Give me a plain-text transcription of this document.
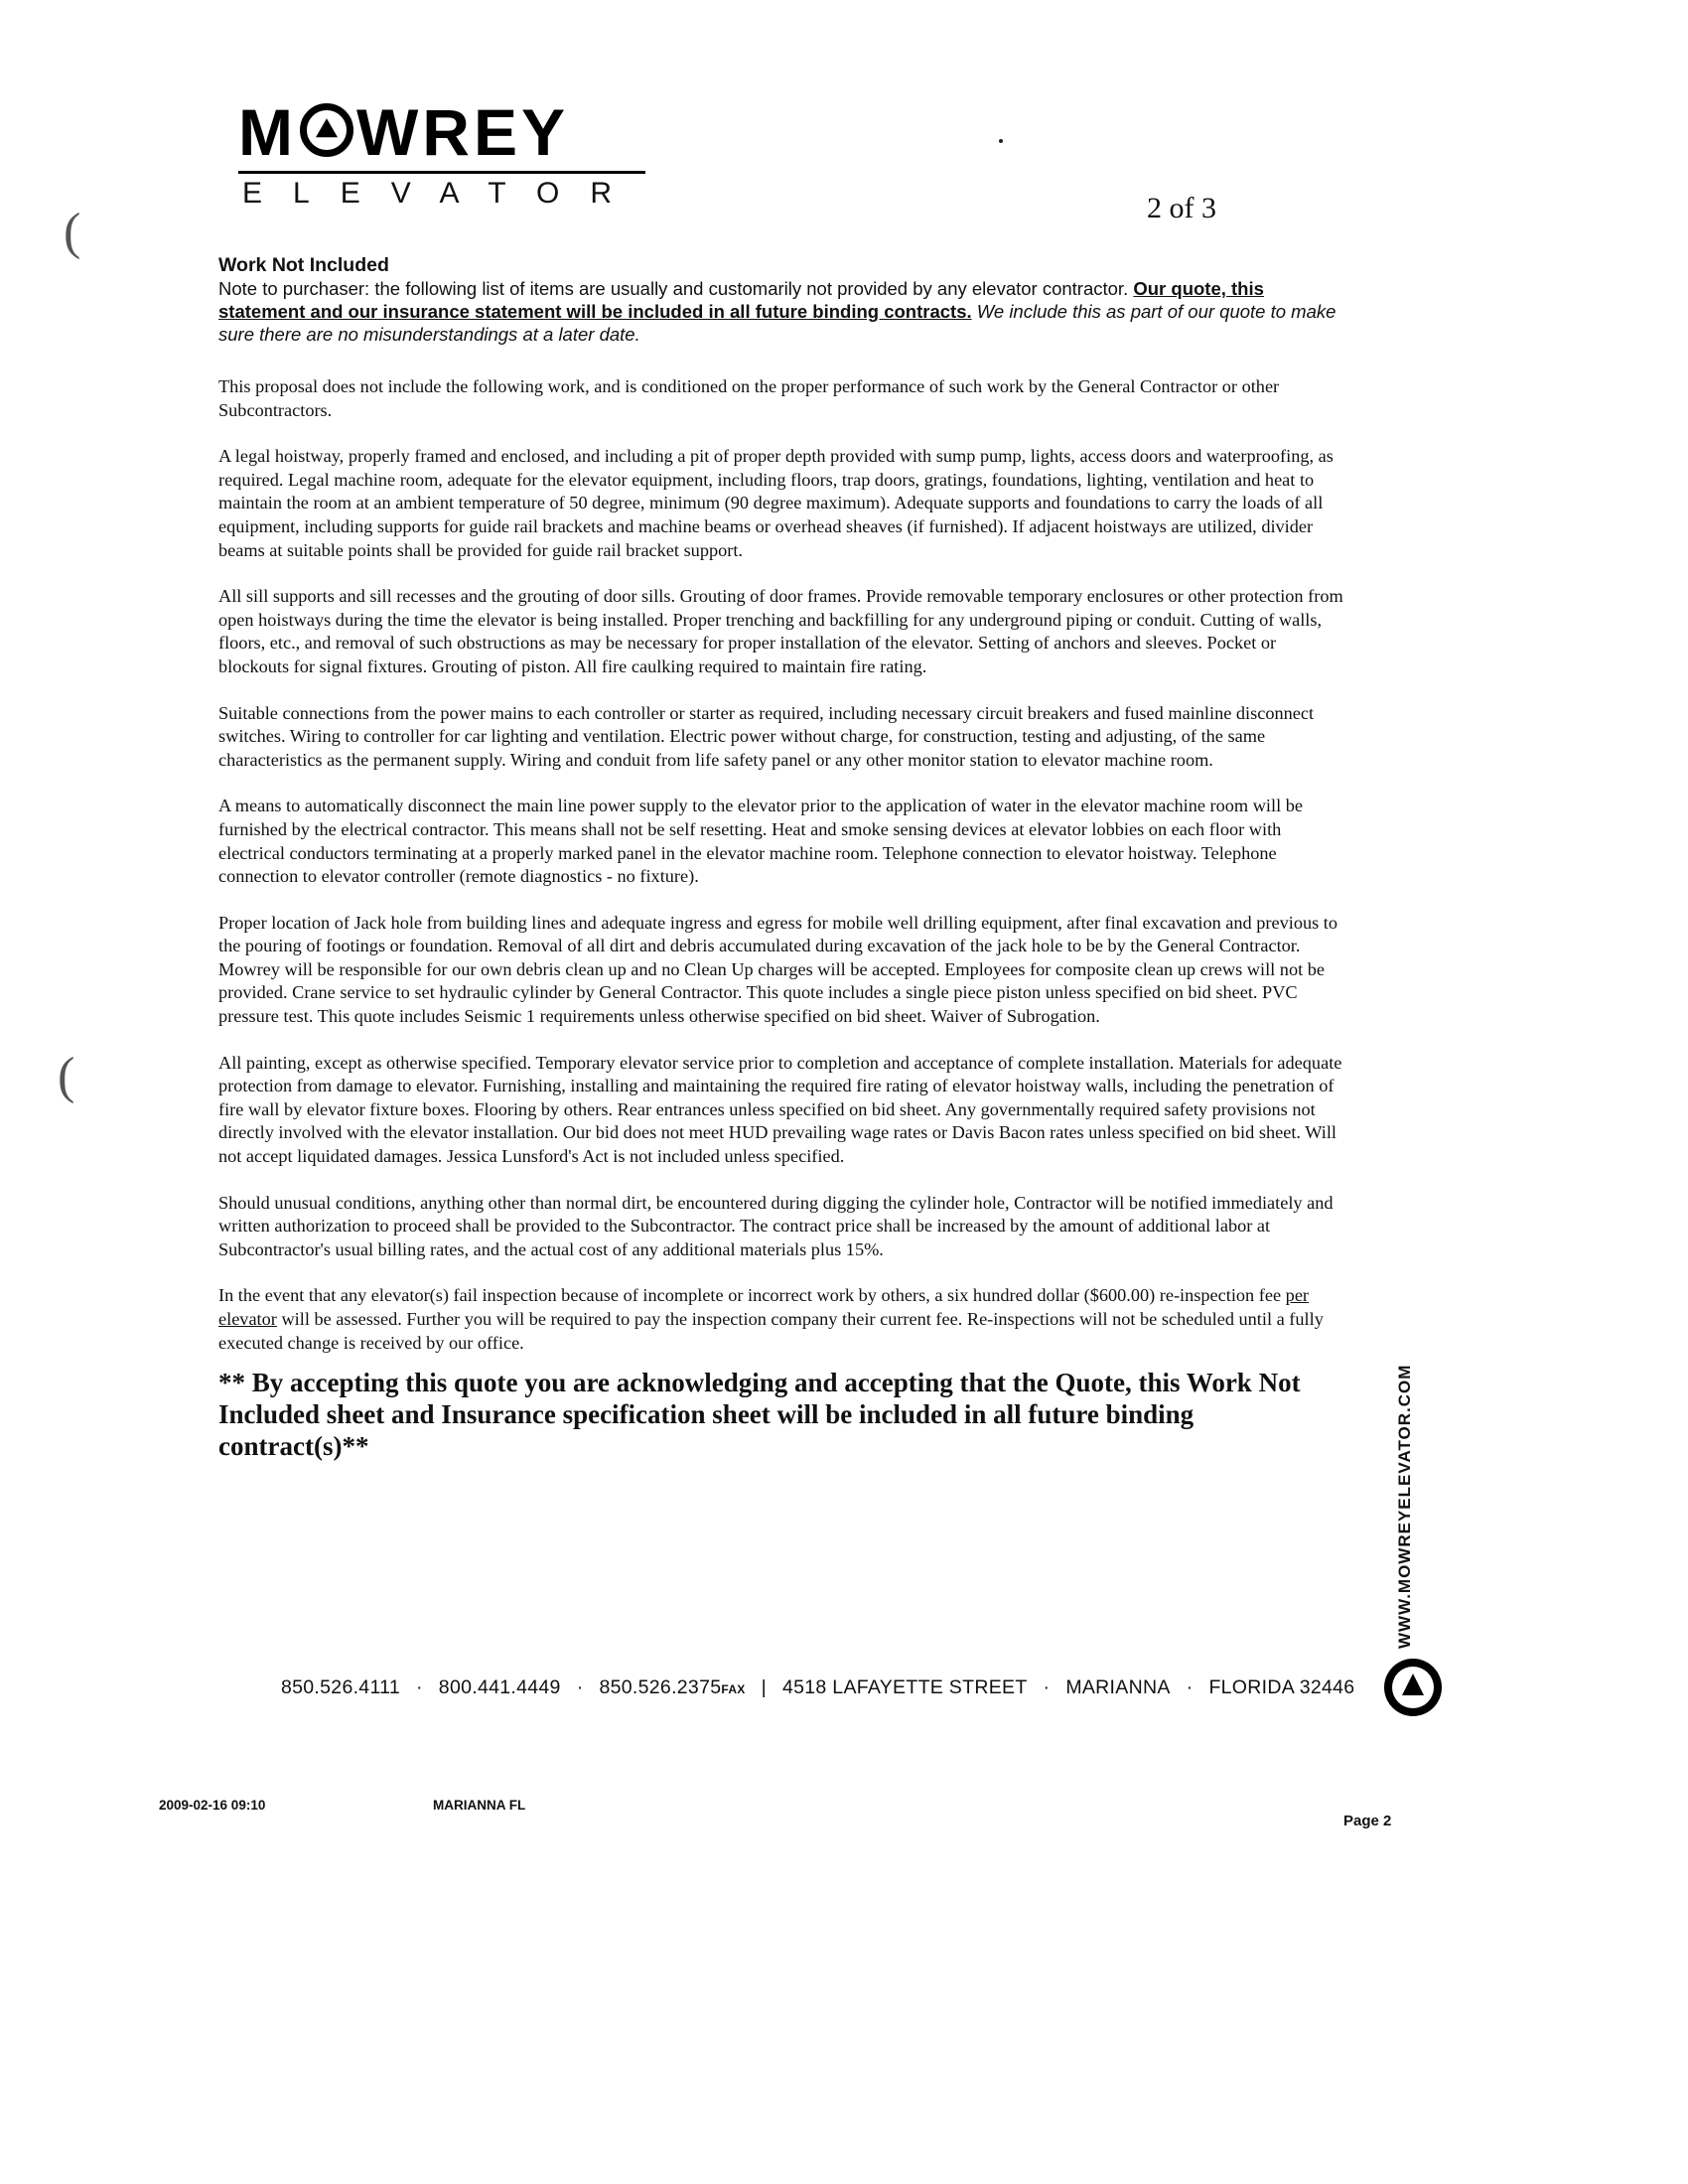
M WREY
ELEVATOR	2 of 3
(
(
Work Not Included

Note to purchaser: the following list of items are usually and customarily not provided by any elevator contractor. Our quote, this statement and our insurance statement will be included in all future binding contracts. We include this as part of our quote to make sure there are no misunderstandings at a later date.

This proposal does not include the following work, and is conditioned on the proper performance of such work by the General Contractor or other Subcontractors.

A legal hoistway, properly framed and enclosed, and including a pit of proper depth provided with sump pump, lights, access doors and waterproofing, as required. Legal machine room, adequate for the elevator equipment, including floors, trap doors, gratings, foundations, lighting, ventilation and heat to maintain the room at an ambient temperature of 50 degree, minimum (90 degree maximum). Adequate supports and foundations to carry the loads of all equipment, including supports for guide rail brackets and machine beams or overhead sheaves (if furnished). If adjacent hoistways are utilized, divider beams at suitable points shall be provided for guide rail bracket support.

All sill supports and sill recesses and the grouting of door sills. Grouting of door frames. Provide removable temporary enclosures or other protection from open hoistways during the time the elevator is being installed. Proper trenching and backfilling for any underground piping or conduit. Cutting of walls, floors, etc., and removal of such obstructions as may be necessary for proper installation of the elevator. Setting of anchors and sleeves. Pocket or blockouts for signal fixtures. Grouting of piston. All fire caulking required to maintain fire rating.

Suitable connections from the power mains to each controller or starter as required, including necessary circuit breakers and fused mainline disconnect switches. Wiring to controller for car lighting and ventilation. Electric power without charge, for construction, testing and adjusting, of the same characteristics as the permanent supply. Wiring and conduit from life safety panel or any other monitor station to elevator machine room.

A means to automatically disconnect the main line power supply to the elevator prior to the application of water in the elevator machine room will be furnished by the electrical contractor. This means shall not be self resetting. Heat and smoke sensing devices at elevator lobbies on each floor with electrical conductors terminating at a properly marked panel in the elevator machine room. Telephone connection to elevator hoistway. Telephone connection to elevator controller (remote diagnostics - no fixture).

Proper location of Jack hole from building lines and adequate ingress and egress for mobile well drilling equipment, after final excavation and previous to the pouring of footings or foundation. Removal of all dirt and debris accumulated during excavation of the jack hole to be by the General Contractor. Mowrey will be responsible for our own debris clean up and no Clean Up charges will be accepted. Employees for composite clean up crews will not be provided. Crane service to set hydraulic cylinder by General Contractor. This quote includes a single piece piston unless specified on bid sheet. PVC pressure test. This quote includes Seismic 1 requirements unless otherwise specified on bid sheet. Waiver of Subrogation.

All painting, except as otherwise specified. Temporary elevator service prior to completion and acceptance of complete installation. Materials for adequate protection from damage to elevator. Furnishing, installing and maintaining the required fire rating of elevator hoistway walls, including the penetration of fire wall by elevator fixture boxes. Flooring by others. Rear entrances unless specified on bid sheet. Any governmentally required safety provisions not directly involved with the elevator installation. Our bid does not meet HUD prevailing wage rates or Davis Bacon rates unless specified on bid sheet. Will not accept liquidated damages. Jessica Lunsford's Act is not included unless specified.

Should unusual conditions, anything other than normal dirt, be encountered during digging the cylinder hole, Contractor will be notified immediately and written authorization to proceed shall be provided to the Subcontractor. The contract price shall be increased by the amount of additional labor at Subcontractor's usual billing rates, and the actual cost of any additional materials plus 15%.

In the event that any elevator(s) fail inspection because of incomplete or incorrect work by others, a six hundred dollar ($600.00) re-inspection fee per elevator will be assessed. Further you will be required to pay the inspection company their current fee. Re-inspections will not be scheduled until a fully executed change is received by our office.

** By accepting this quote you are acknowledging and accepting that the Quote, this Work Not Included sheet and Insurance specification sheet will be included in all future binding contract(s)**

850.526.4111 · 800.441.4449 · 850.526.2375FAX | 4518 LAFAYETTE STREET · MARIANNA · FLORIDA 32446
WWW.MOWREYELEVATOR.COM
2009-02-16 09:10	MARIANNA FL
Page 2
